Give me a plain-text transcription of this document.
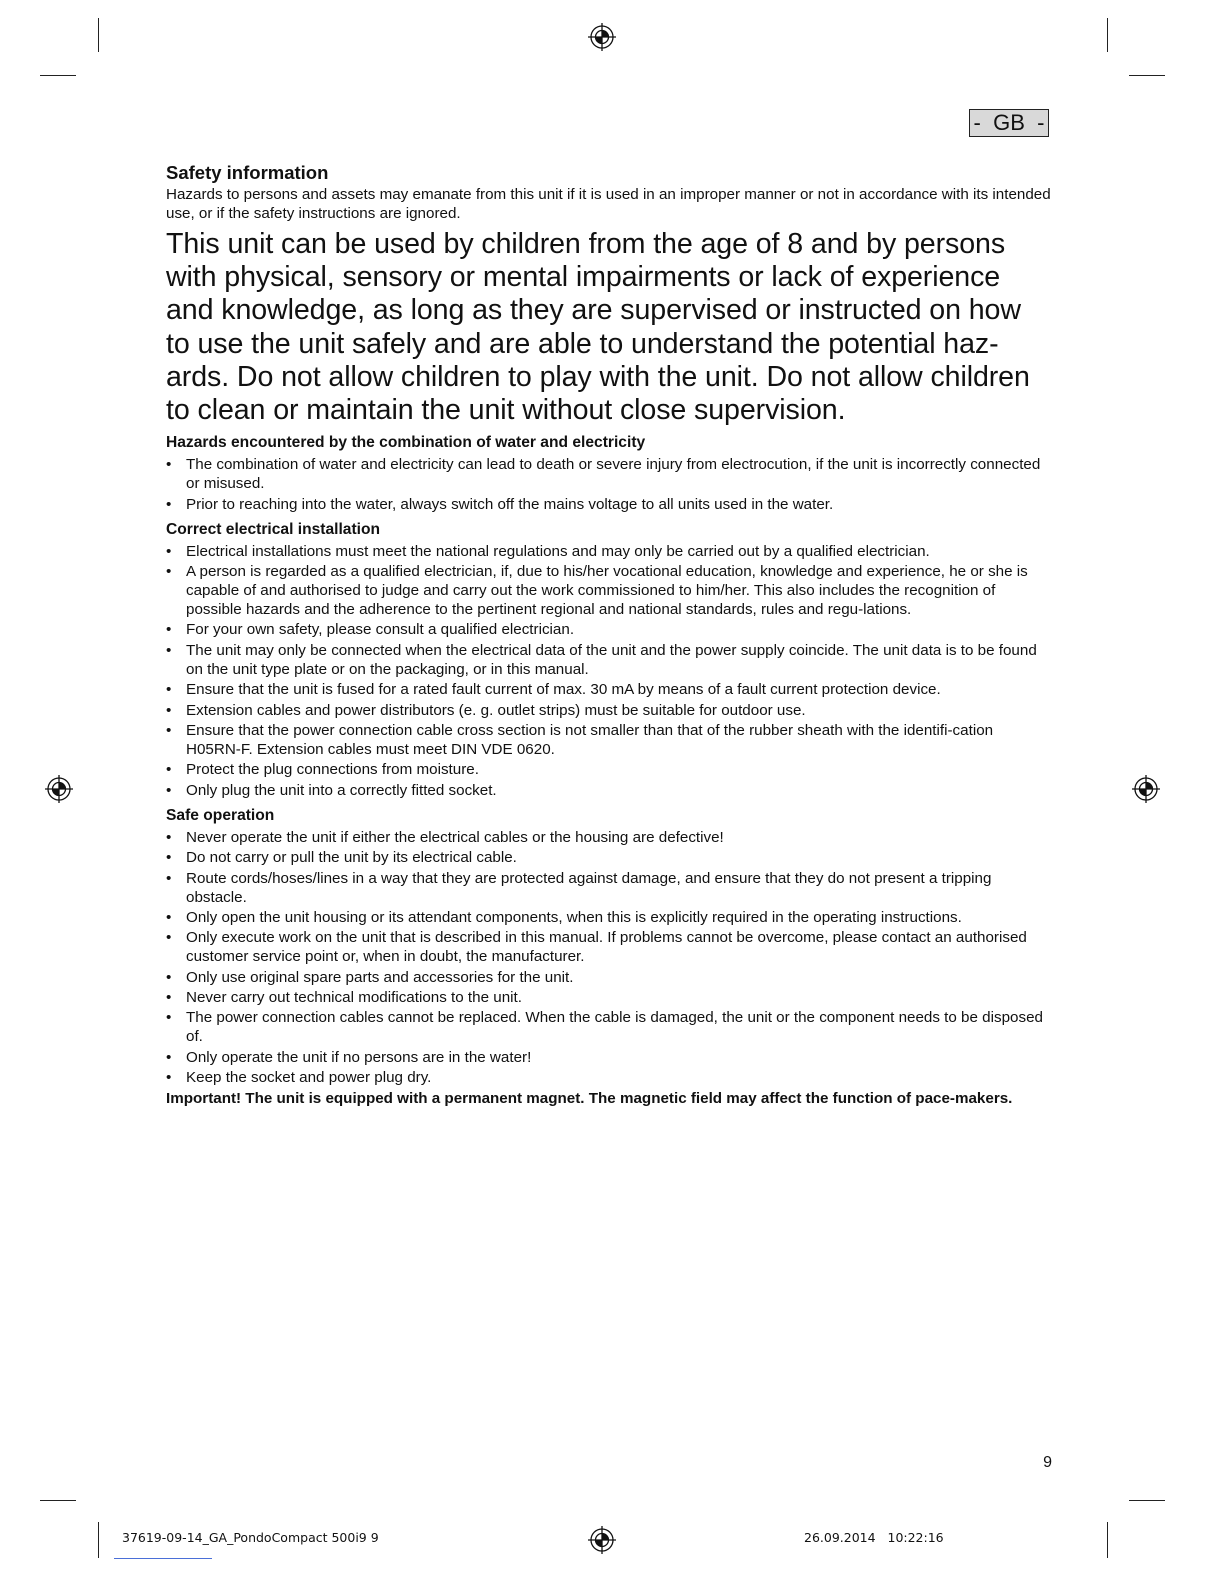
-  GB  -
Safety information

Hazards to persons and assets may emanate from this unit if it is used in an improper manner or not in accordance with its intended use, or if the safety instructions are ignored.

This unit can be used by children from the age of 8 and by persons with physical, sensory or mental impairments or lack of experience and knowledge, as long as they are supervised or instructed on how to use the unit safely and are able to understand the potential haz-ards. Do not allow children to play with the unit. Do not allow children to clean or maintain the unit without close supervision.

Hazards encountered by the combination of water and electricity
• The combination of water and electricity can lead to death or severe injury from electrocution, if the unit is incorrectly connected or misused.
• Prior to reaching into the water, always switch off the mains voltage to all units used in the water.
Correct electrical installation
• Electrical installations must meet the national regulations and may only be carried out by a qualified electrician.
• A person is regarded as a qualified electrician, if, due to his/her vocational education, knowledge and experience, he or she is capable of and authorised to judge and carry out the work commissioned to him/her. This also includes the recognition of possible hazards and the adherence to the pertinent regional and national standards, rules and regu-lations.
• For your own safety, please consult a qualified electrician.
• The unit may only be connected when the electrical data of the unit and the power supply coincide. The unit data is to be found on the unit type plate or on the packaging, or in this manual.
• Ensure that the unit is fused for a rated fault current of max. 30 mA by means of a fault current protection device.
• Extension cables and power distributors (e. g. outlet strips) must be suitable for outdoor use.
• Ensure that the power connection cable cross section is not smaller than that of the rubber sheath with the identifi-cation H05RN-F. Extension cables must meet DIN VDE 0620.
• Protect the plug connections from moisture.
• Only plug the unit into a correctly fitted socket.
Safe operation
• Never operate the unit if either the electrical cables or the housing are defective!
• Do not carry or pull the unit by its electrical cable.
• Route cords/hoses/lines in a way that they are protected against damage, and ensure that they do not present a tripping obstacle.
• Only open the unit housing or its attendant components, when this is explicitly required in the operating instructions.
• Only execute work on the unit that is described in this manual. If problems cannot be overcome, please contact an authorised customer service point or, when in doubt, the manufacturer.
• Only use original spare parts and accessories for the unit.
• Never carry out technical modifications to the unit.
• The power connection cables cannot be replaced. When the cable is damaged, the unit or the component needs to be disposed of.
• Only operate the unit if no persons are in the water!
• Keep the socket and power plug dry.

Important! The unit is equipped with a permanent magnet. The magnetic field may affect the function of pace-makers.

9
37619-09-14_GA_PondoCompact 500i9 9	26.09.2014   10:22:16
